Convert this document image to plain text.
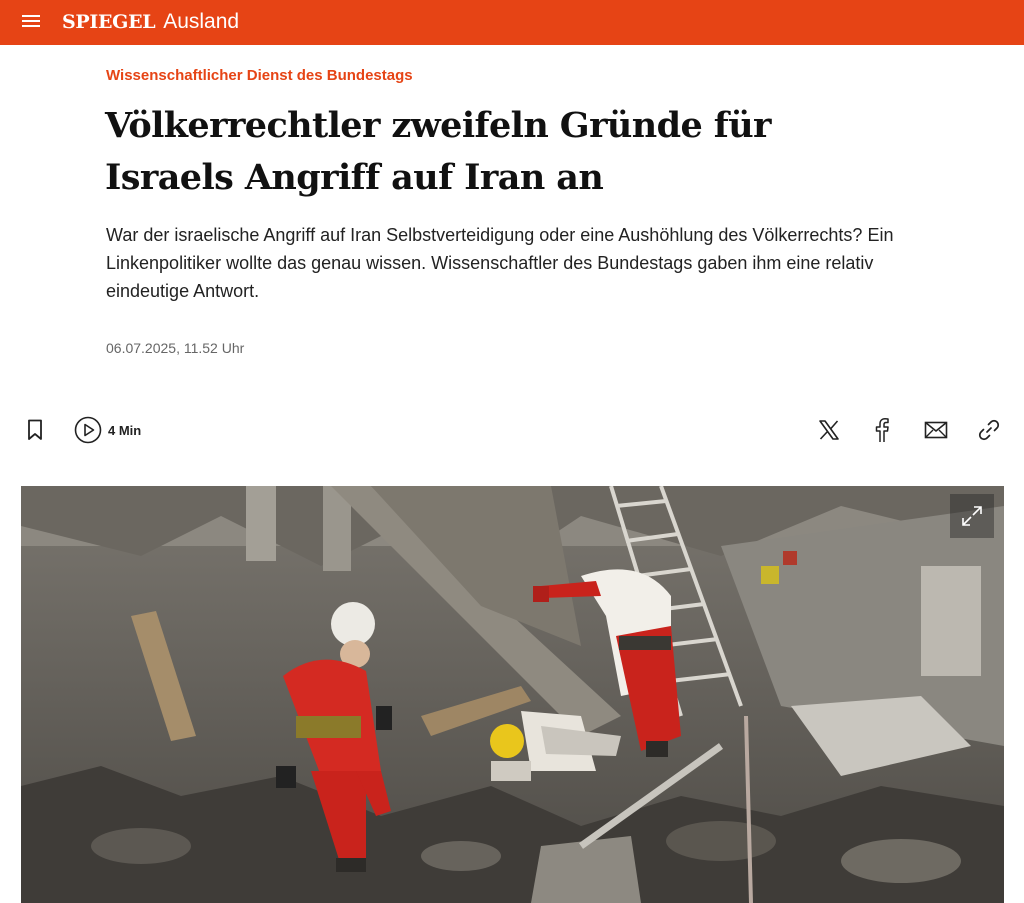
SPIEGEL Ausland
Wissenschaftlicher Dienst des Bundestags
Völkerrechtler zweifeln Gründe für Israels Angriff auf Iran an

War der israelische Angriff auf Iran Selbstverteidigung oder eine Aushöhlung des Völkerrechts? Ein Linkenpolitiker wollte das genau wissen. Wissenschaftler des Bundestags gaben ihm eine relativ eindeutige Antwort.

06.07.2025, 11.52 Uhr
4 Min
